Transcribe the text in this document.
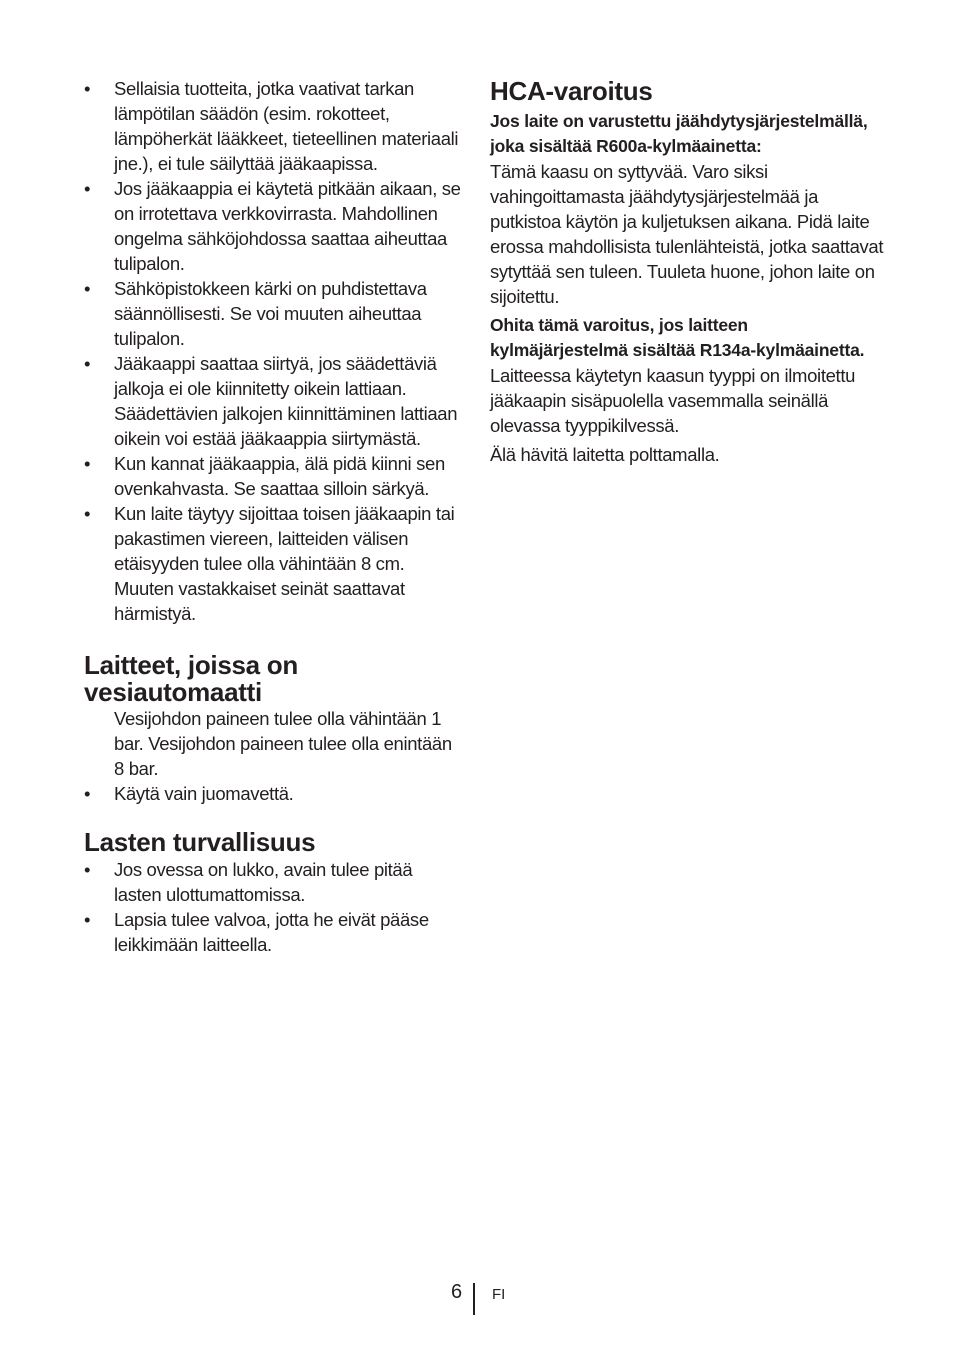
• Sellaisia tuotteita, jotka vaativat tarkan lämpötilan säädön (esim. rokotteet, lämpöherkät lääkkeet, tieteellinen materiaali jne.), ei tule säilyttää jääkaapissa.
• Jos jääkaappia ei käytetä pitkään aikaan, se on irrotettava verkkovirrasta. Mahdollinen ongelma sähköjohdossa saattaa aiheuttaa tulipalon.
• Sähköpistokkeen kärki on puhdistettava säännöllisesti. Se voi muuten aiheuttaa tulipalon.
• Jääkaappi saattaa siirtyä, jos säädettäviä jalkoja ei ole kiinnitetty oikein lattiaan. Säädettävien jalkojen kiinnittäminen lattiaan oikein voi estää jääkaappia siirtymästä.
• Kun kannat jääkaappia, älä pidä kiinni sen ovenkahvasta. Se saattaa silloin särkyä.
• Kun laite täytyy sijoittaa toisen jääkaapin tai pakastimen viereen, laitteiden välisen etäisyyden tulee olla vähintään 8 cm. Muuten vastakkaiset seinät saattavat härmistyä.
Laitteet, joissa on vesiautomaatti

Vesijohdon paineen tulee olla vähintään 1 bar. Vesijohdon paineen tulee olla enintään 8 bar.

• Käytä vain juomavettä.
Lasten turvallisuus
• Jos ovessa on lukko, avain tulee pitää lasten ulottumattomissa.
• Lapsia tulee valvoa, jotta he eivät pääse leikkimään laitteella.
HCA-varoitus

Jos laite on varustettu jäähdytysjärjestelmällä, joka sisältää R600a-kylmäainetta:

Tämä kaasu on syttyvää. Varo siksi vahingoittamasta jäähdytysjärjestelmää ja putkistoa käytön ja kuljetuksen aikana. Pidä laite erossa mahdollisista tulenlähteistä, jotka saattavat sytyttää sen tuleen. Tuuleta huone, johon laite on sijoitettu.

Ohita tämä varoitus, jos laitteen kylmäjärjestelmä sisältää R134a-kylmäainetta.

Laitteessa käytetyn kaasun tyyppi on ilmoitettu jääkaapin sisäpuolella vasemmalla seinällä olevassa tyyppikilvessä.

Älä hävitä laitetta polttamalla.

6 FI
